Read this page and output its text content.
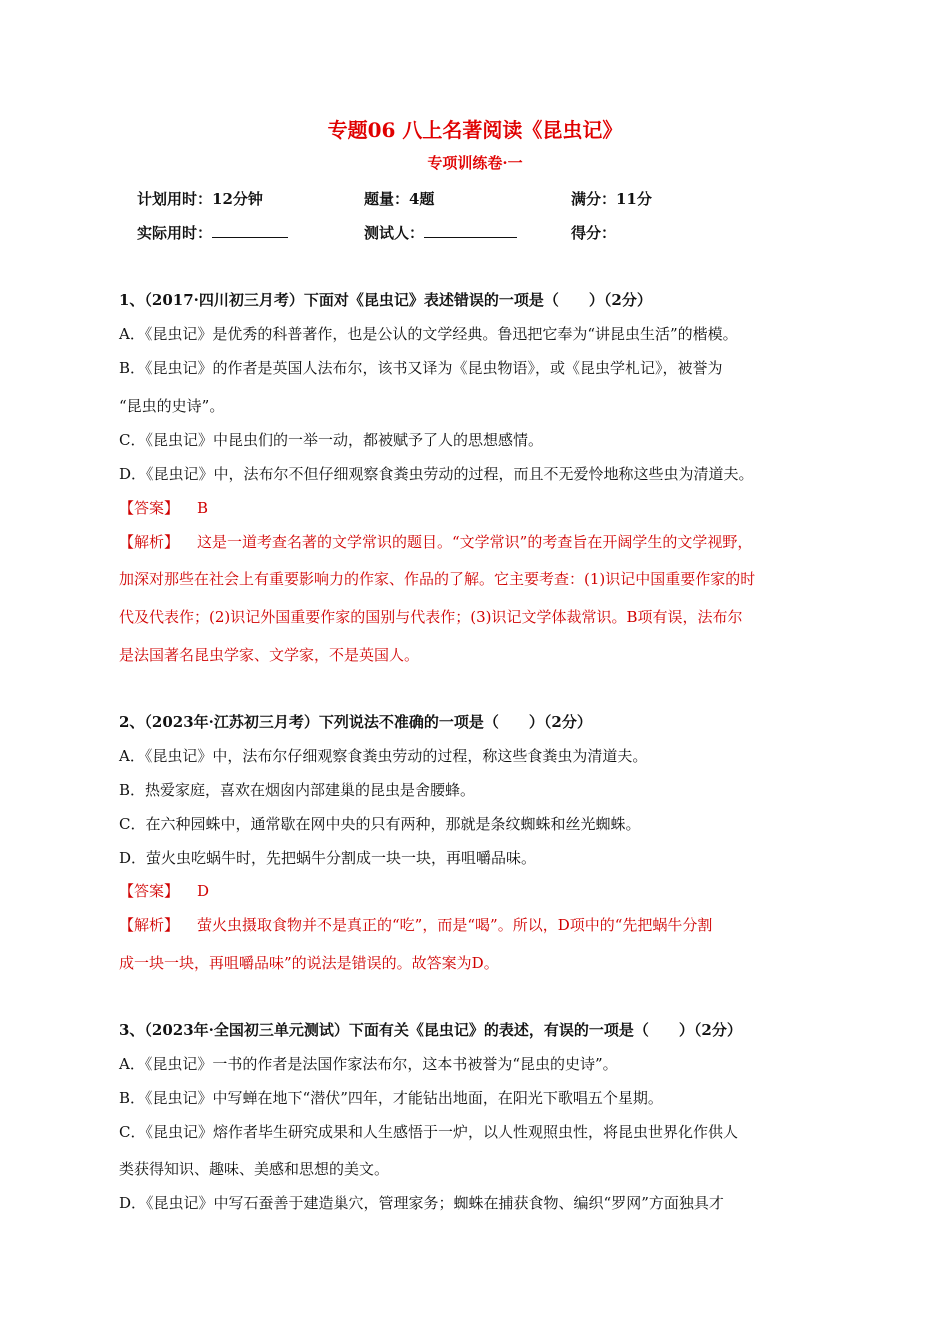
专题06 八上名著阅读《昆虫记》
专项训练卷·一
计划用时：12分钟	题量：4题	满分：11分
实际用时：	测试人：	得分：
1、（2017·四川初三月考）下面对《昆虫记》表述错误的一项是（　　）（2分）
A．《昆虫记》是优秀的科普著作，也是公认的文学经典。鲁迅把它奉为“讲昆虫生活”的楷模。
B．《昆虫记》的作者是英国人法布尔，该书又译为《昆虫物语》，或《昆虫学札记》，被誉为
“昆虫的史诗”。
C．《昆虫记》中昆虫们的一举一动，都被赋予了人的思想感情。
D．《昆虫记》中，法布尔不但仔细观察食粪虫劳动的过程，而且不无爱怜地称这些虫为清道夫。
【答案】 B
【解析】 这是一道考查名著的文学常识的题目。“文学常识”的考查旨在开阔学生的文学视野，
加深对那些在社会上有重要影响力的作家、作品的了解。它主要考查：(1)识记中国重要作家的时
代及代表作；(2)识记外国重要作家的国别与代表作；(3)识记文学体裁常识。B项有误，法布尔
是法国著名昆虫学家、文学家，不是英国人。
2、（2023年·江苏初三月考）下列说法不准确的一项是（　　）（2分）
A．《昆虫记》中，法布尔仔细观察食粪虫劳动的过程，称这些食粪虫为清道夫。
B．热爱家庭，喜欢在烟囱内部建巢的昆虫是舍腰蜂。
C．在六种园蛛中，通常歇在网中央的只有两种，那就是条纹蜘蛛和丝光蜘蛛。
D．萤火虫吃蜗牛时，先把蜗牛分割成一块一块，再咀嚼品味。
【答案】 D
【解析】 萤火虫摄取食物并不是真正的“吃”，而是“喝”。所以，D项中的“先把蜗牛分割
成一块一块，再咀嚼品味”的说法是错误的。故答案为D。
3、（2023年·全国初三单元测试）下面有关《昆虫记》的表述，有误的一项是（　　）（2分）
A．《昆虫记》一书的作者是法国作家法布尔，这本书被誉为“昆虫的史诗”。
B．《昆虫记》中写蝉在地下“潜伏”四年，才能钻出地面，在阳光下歌唱五个星期。
C．《昆虫记》熔作者毕生研究成果和人生感悟于一炉，以人性观照虫性，将昆虫世界化作供人
类获得知识、趣味、美感和思想的美文。
D．《昆虫记》中写石蚕善于建造巢穴，管理家务；蜘蛛在捕获食物、编织“罗网”方面独具才
